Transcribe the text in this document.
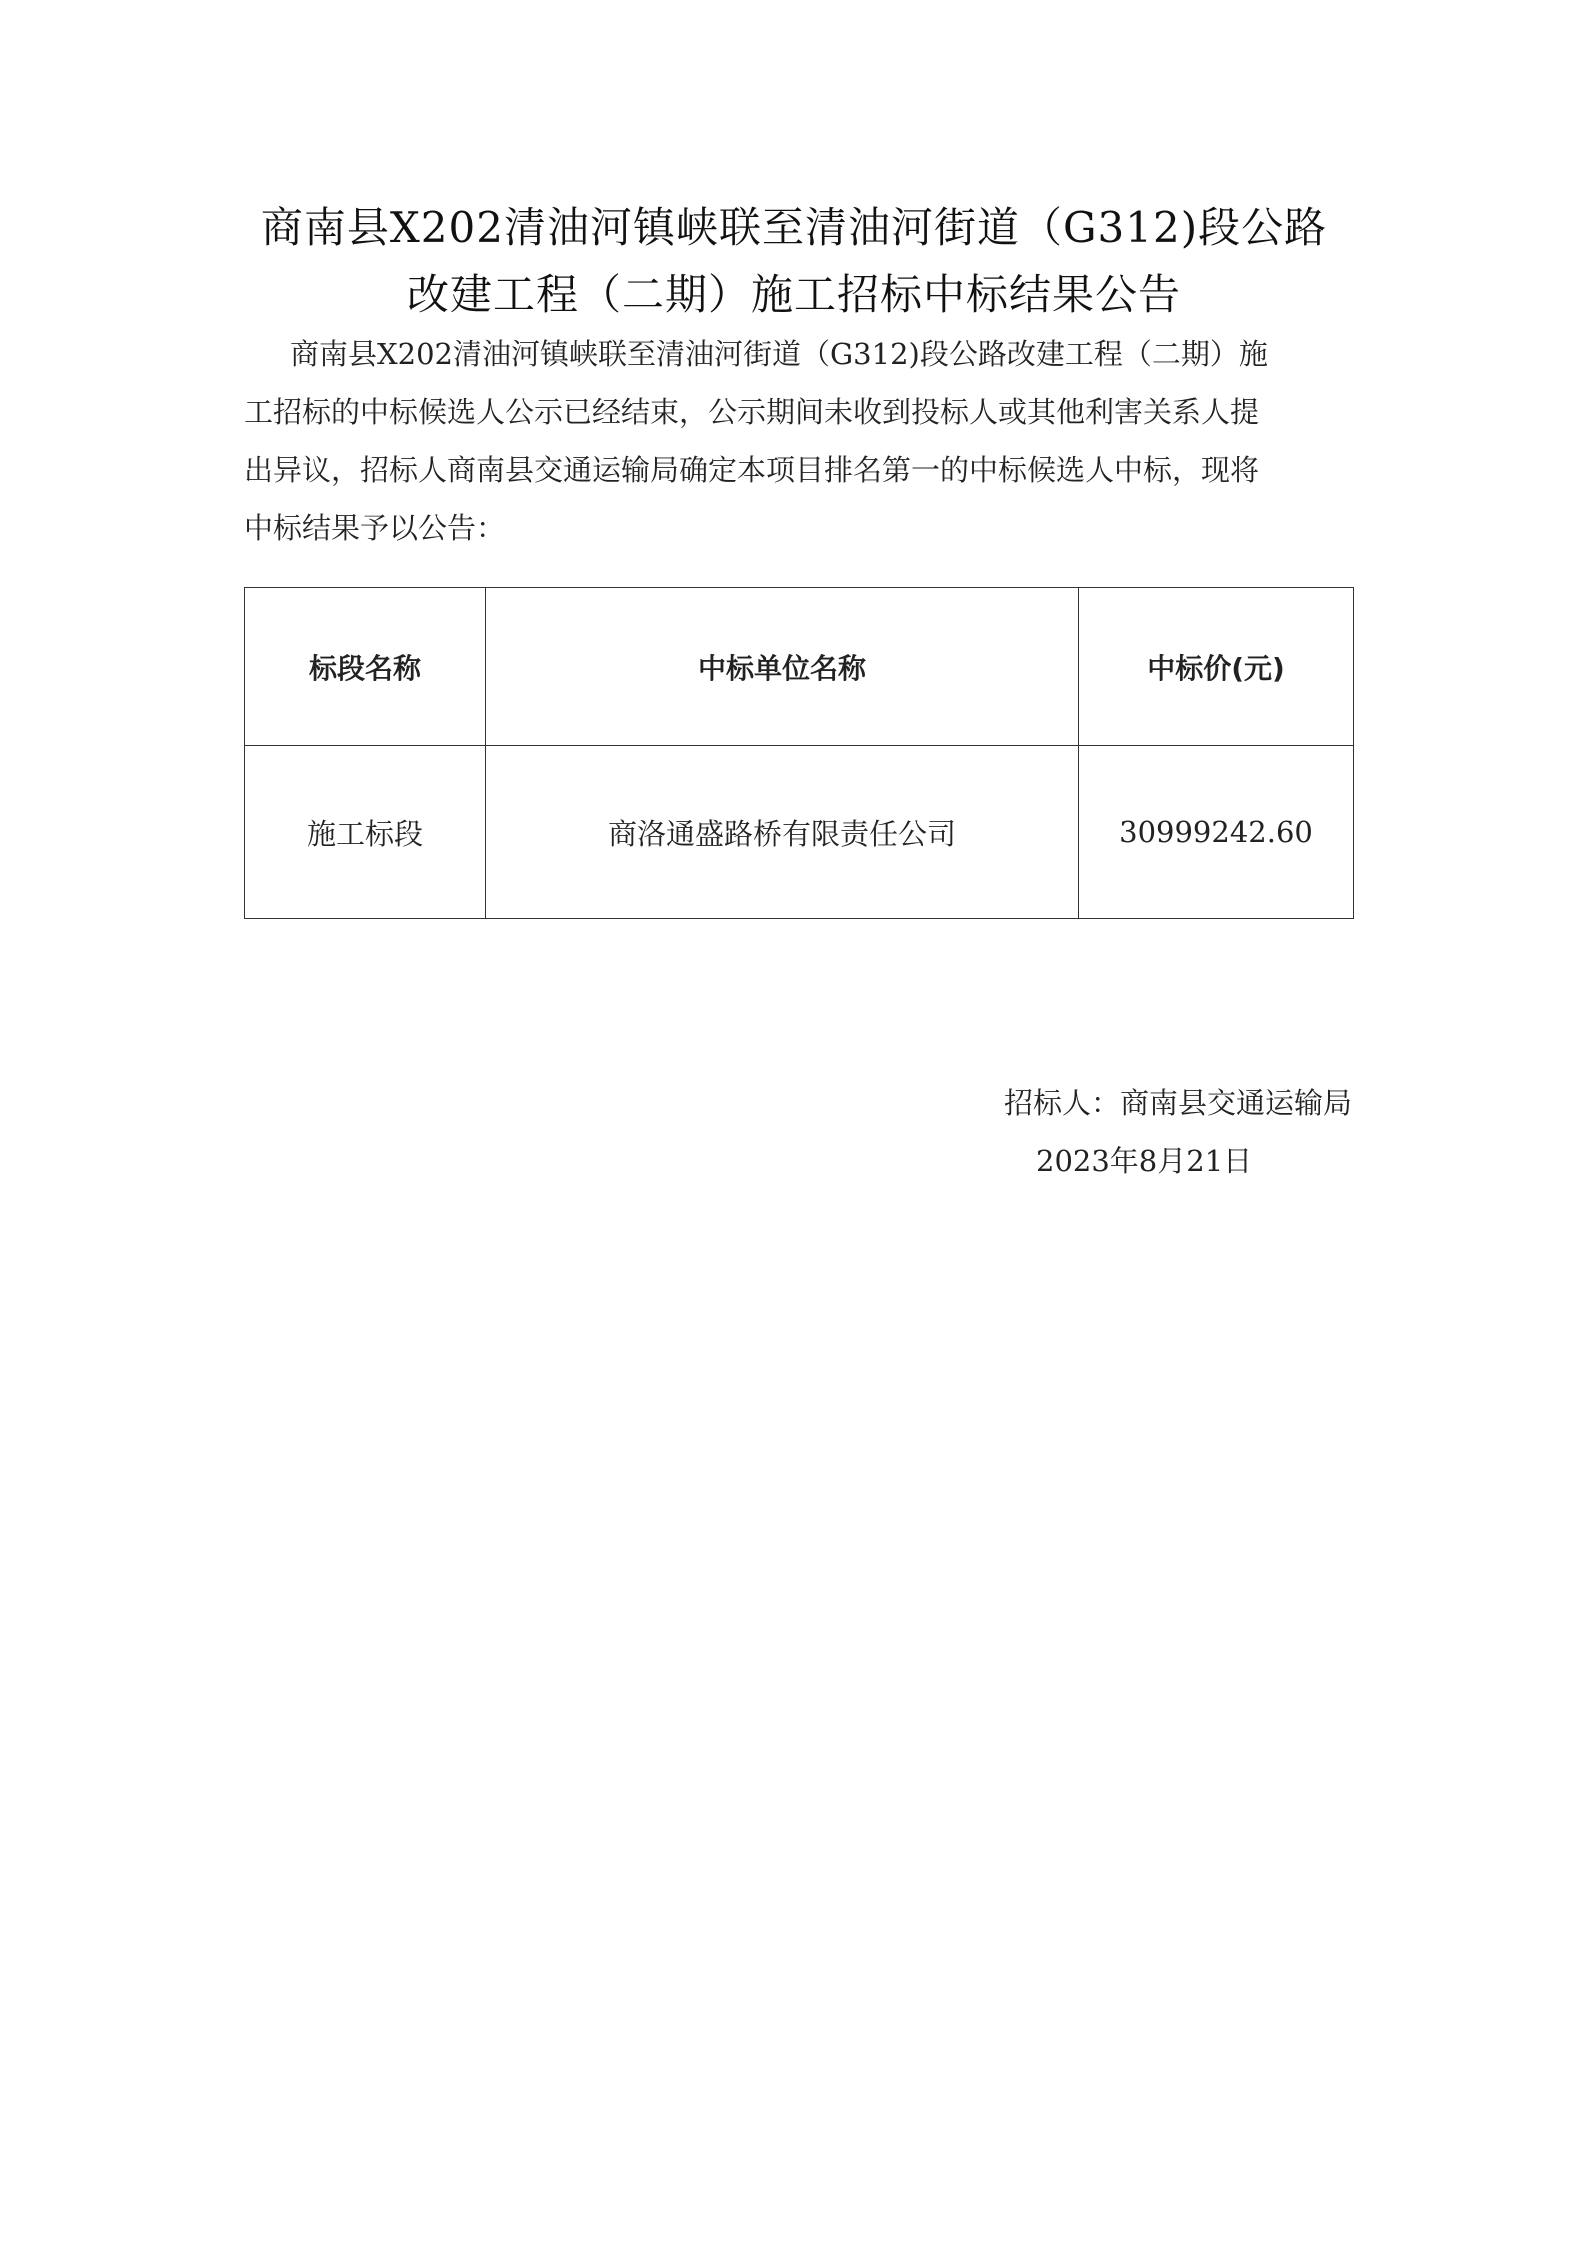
商南县X202清油河镇峡联至清油河街道（G312)段公路
改建工程（二期）施工招标中标结果公告
商南县X202清油河镇峡联至清油河街道（G312)段公路改建工程（二期）施
工招标的中标候选人公示已经结束，公示期间未收到投标人或其他利害关系人提
出异议，招标人商南县交通运输局确定本项目排名第一的中标候选人中标，现将
中标结果予以公告：
标段名称	中标单位名称	中标价(元)
施工标段	商洛通盛路桥有限责任公司	30999242.60
招标人：商南县交通运输局
2023年8月21日
